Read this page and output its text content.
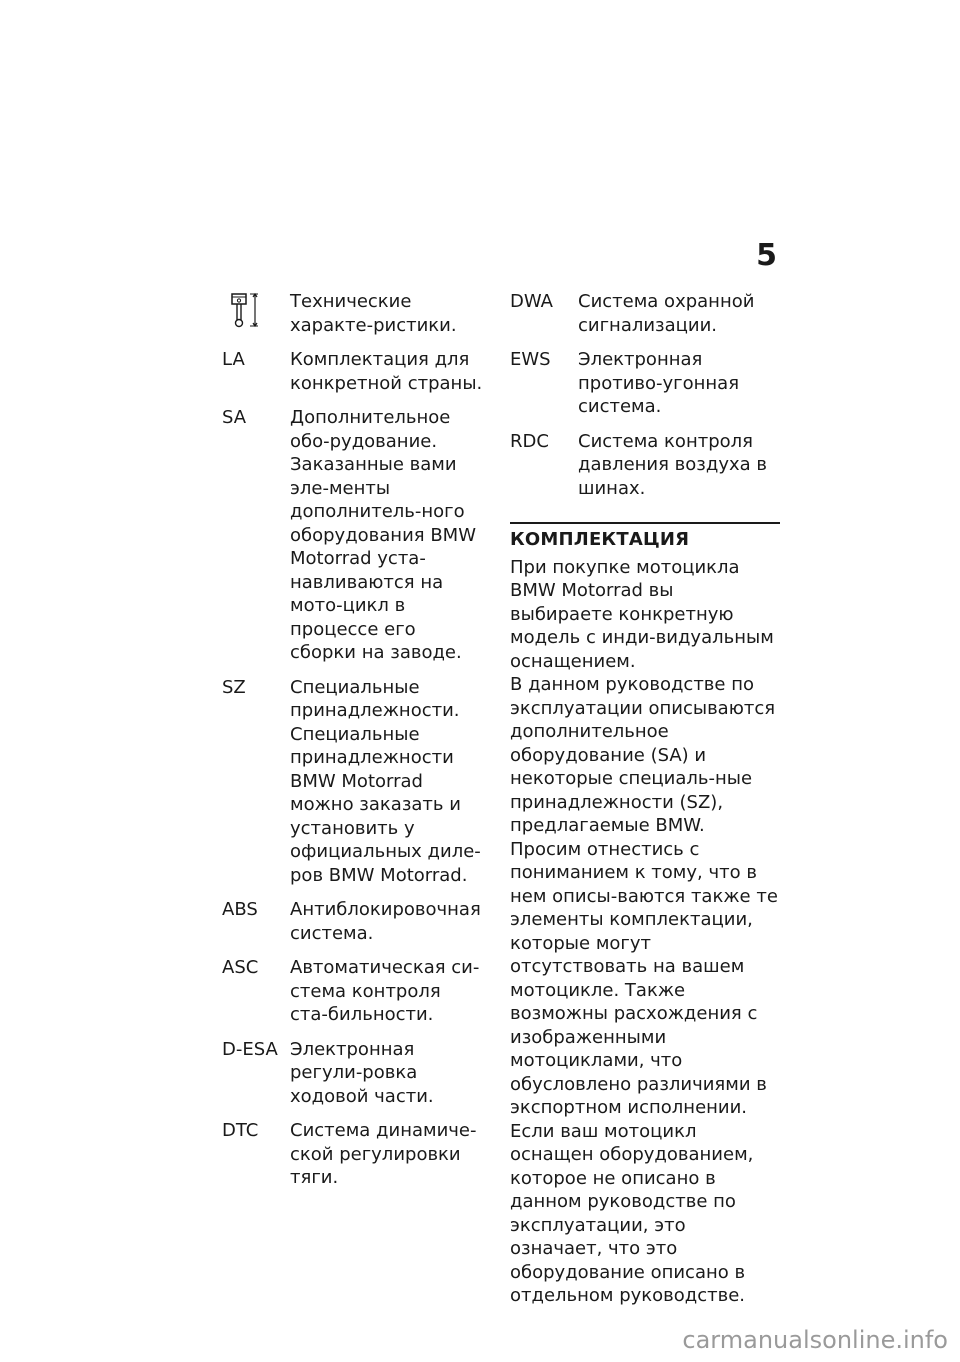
5

Технические характе-ристики.

LA	Комплектация для конкретной страны.

SA	Дополнительное обо-рудование.

Заказанные вами эле-менты дополнитель-ного оборудования BMW Motorrad уста-навливаются на мото-цикл в процессе его сборки на заводе.

SZ	Специальные принадлежности.

Специальные принадлежности BMW Motorrad можно заказать и установить у официальных диле-ров BMW Motorrad.

ABS	Антиблокировочная система.

ASC	Автоматическая си-стема контроля ста-бильности.

D-ESA Электронная регули-ровка ходовой части.

DTC	Система динамиче-ской регулировки тяги.

DWA	Система охранной сигнализации.

EWS	Электронная противо-угонная система.

RDC	Система контроля давления воздуха в шинах.

КОМПЛЕКТАЦИЯ

При покупке мотоцикла BMW Motorrad вы выбираете конкретную модель с инди-видуальным оснащением.

В данном руководстве по эксплуатации описываются дополнительное оборудование (SA) и некоторые специаль-ные принадлежности (SZ), предлагаемые BMW. Просим отнестись с пониманием к тому, что в нем описы-ваются также те элементы комплектации, которые могут отсутствовать на вашем мотоцикле. Также возможны расхождения с изображенными мотоциклами, что обусловлено различиями в экспортном исполнении.

Если ваш мотоцикл оснащен оборудованием, которое не описано в данном руководстве по эксплуатации, это означает, что это оборудование описано в отдельном руководстве.

carmanualsonline.info
